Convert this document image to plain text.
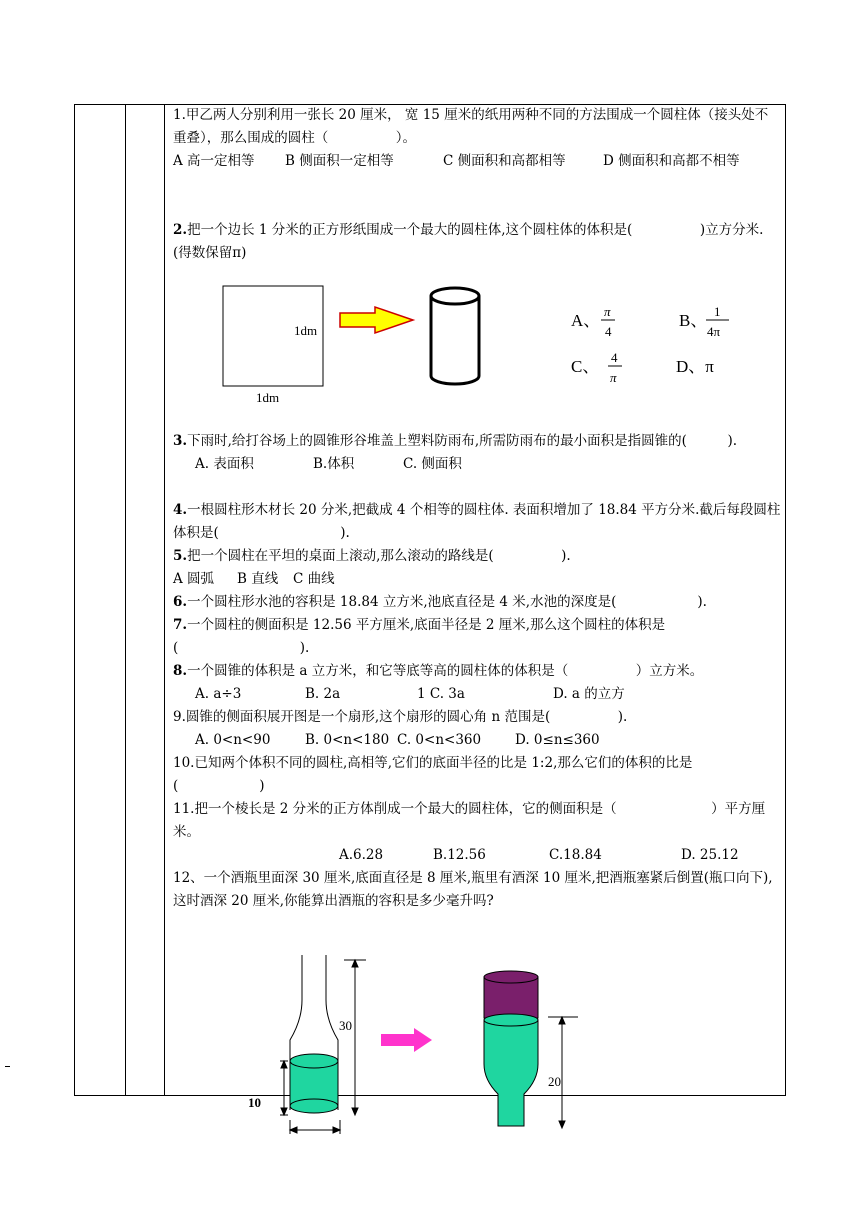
1.甲乙两人分别利用一张长 20 厘米， 宽 15 厘米的纸用两种不同的方法围成一个圆柱体（接头处不重叠），那么围成的圆柱（　　　　　）。

A 高一定相等 B 侧面积一定相等	C 侧面积和高都相等	D 侧面积和高都不相等

2.把一个边长 1 分米的正方形纸围成一个最大的圆柱体,这个圆柱体的体积是(　　　　　)立方分米.(得数保留π)

1dm
1dm
A、 π
4
B、 1
4π
C、 4
π
D、π

3.下雨时,给打谷场上的圆锥形谷堆盖上塑料防雨布,所需防雨布的最小面积是指圆锥的(　　　).

A. 表面积	B.体积	C. 侧面积

4.一根圆柱形木材长 20 分米,把截成 4 个相等的圆柱体. 表面积增加了 18.84 平方分米.截后每段圆柱体积是(　　　　　　　　　).

5.把一个圆柱在平坦的桌面上滚动,那么滚动的路线是(　　　　　).

A 圆弧 B 直线 C 曲线

6.一个圆柱形水池的容积是 18.84 立方米,池底直径是 4 米,水池的深度是(　　　　　　).

7.一个圆柱的侧面积是 12.56 平方厘米,底面半径是 2 厘米,那么这个圆柱的体积是(　　　　　　　　　).

8.一个圆锥的体积是 a 立方米，和它等底等高的圆柱体的体积是（　　　　　）立方米。

A. a÷3	B. 2a	1 C. 3a	D. a 的立方

9.圆锥的侧面积展开图是一个扇形,这个扇形的圆心角 n 范围是(　　　　　).

A. 0<n<90	B. 0<n<180 C. 0<n<360	D. 0≤n≤360

10.已知两个体积不同的圆柱,高相等,它们的底面半径的比是 1:2,那么它们的体积的比是(　　　　　　)

11.把一个棱长是 2 分米的正方体削成一个最大的圆柱体，它的侧面积是（　　　　　　　）平方厘米。

A.6.28	B.12.56	C.18.84	D. 25.12

12、一个酒瓶里面深 30 厘米,底面直径是 8 厘米,瓶里有酒深 10 厘米,把酒瓶塞紧后倒置(瓶口向下),这时酒深 20 厘米,你能算出酒瓶的容积是多少毫升吗?

30
10
20
